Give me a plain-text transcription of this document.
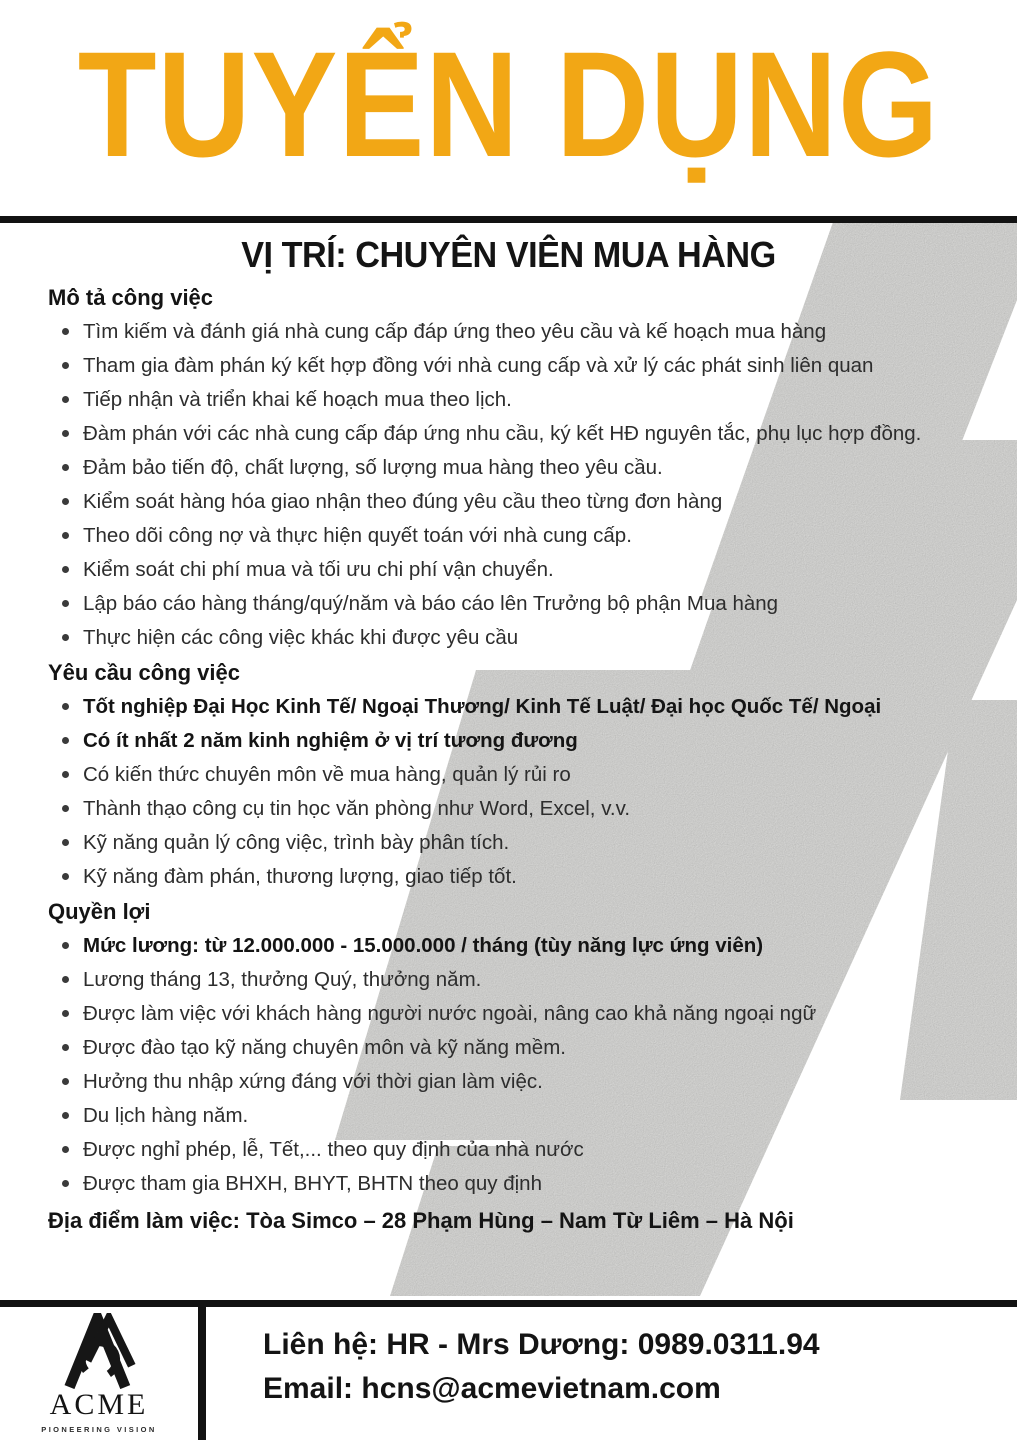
TUYỂN DỤNG
VỊ TRÍ: CHUYÊN VIÊN MUA HÀNG
Mô tả công việc
Tìm kiếm và đánh giá nhà cung cấp đáp ứng theo yêu cầu và kế hoạch mua hàng
Tham gia đàm phán ký kết hợp đồng với nhà cung cấp và xử lý các phát sinh liên quan
Tiếp nhận và triển khai kế hoạch mua theo lịch.
Đàm phán với các nhà cung cấp đáp ứng nhu cầu, ký kết HĐ nguyên tắc, phụ lục hợp đồng.
Đảm bảo tiến độ, chất lượng, số lượng mua hàng theo yêu cầu.
Kiểm soát hàng hóa giao nhận theo đúng yêu cầu theo từng đơn hàng
Theo dõi công nợ và thực hiện quyết toán với nhà cung cấp.
Kiểm soát chi phí mua và tối ưu chi phí vận chuyển.
Lập báo cáo hàng tháng/quý/năm và báo cáo lên Trưởng bộ phận Mua hàng
Thực hiện các công việc khác khi được yêu cầu
Yêu cầu công việc
Tốt nghiệp Đại Học Kinh Tế/ Ngoại Thương/ Kinh Tế Luật/ Đại học Quốc Tế/ Ngoại
Có ít nhất 2 năm kinh nghiệm ở vị trí tương đương
Có kiến thức chuyên môn về mua hàng, quản lý rủi ro
Thành thạo công cụ tin học văn phòng như Word, Excel, v.v.
Kỹ năng quản lý công việc, trình bày phân tích.
Kỹ năng đàm phán, thương lượng, giao tiếp tốt.
Quyền lợi
Mức lương: từ 12.000.000 - 15.000.000 / tháng (tùy năng lực ứng viên)
Lương tháng 13, thưởng Quý, thưởng năm.
Được làm việc với khách hàng người nước ngoài, nâng cao khả năng ngoại ngữ
Được đào tạo kỹ năng chuyên môn và kỹ năng mềm.
Hưởng thu nhập xứng đáng với thời gian làm việc.
Du lịch hàng năm.
Được nghỉ phép, lễ, Tết,... theo quy định của nhà nước
Được tham gia BHXH, BHYT, BHTN theo quy định
Địa điểm làm việc: Tòa Simco – 28 Phạm Hùng – Nam Từ Liêm – Hà Nội
ACME
PIONEERING VISION
Liên hệ: HR - Mrs Dương: 0989.0311.94
Email: hcns@acmevietnam.com
